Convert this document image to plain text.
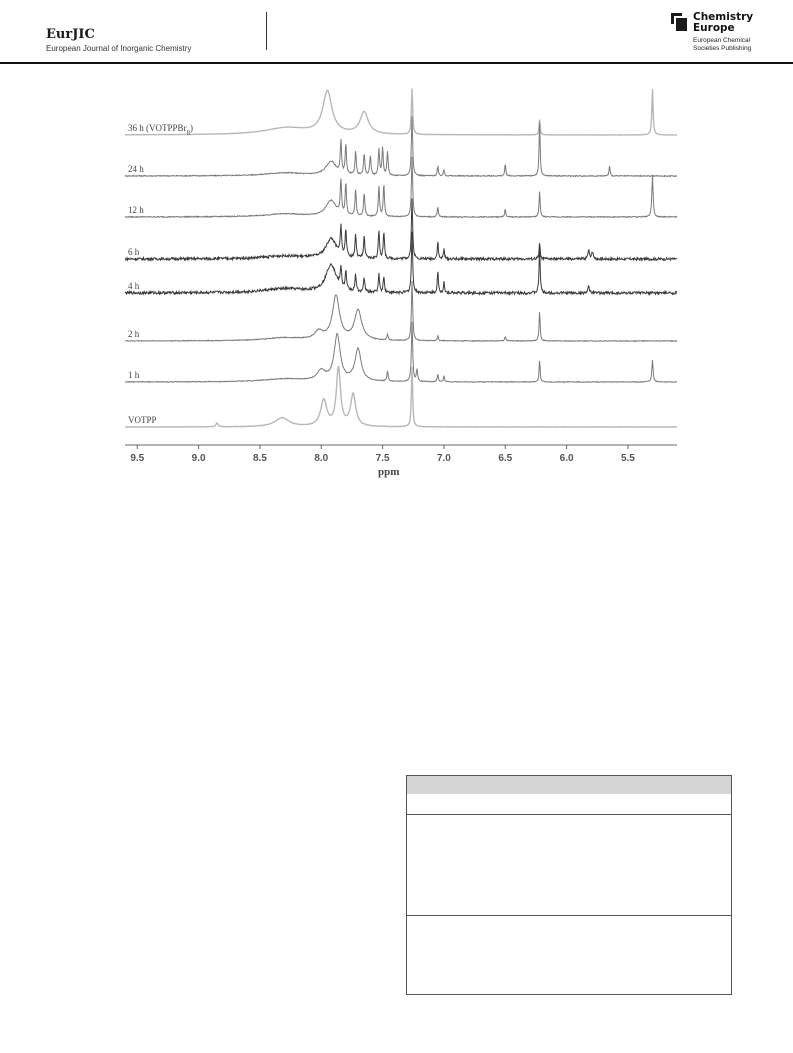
EurJIC
European Journal of Inorganic Chemistry
Chemistry
Europe
European Chemical
Societies Publishing
36 h (VOTPPBr$_8$)
24 h
12 h
6 h
4 h
2 h
1 h
VOTPP
9.5	9.0	8.5	8.0	7.5	7.0	6.5	6.0	5.5
ppm
